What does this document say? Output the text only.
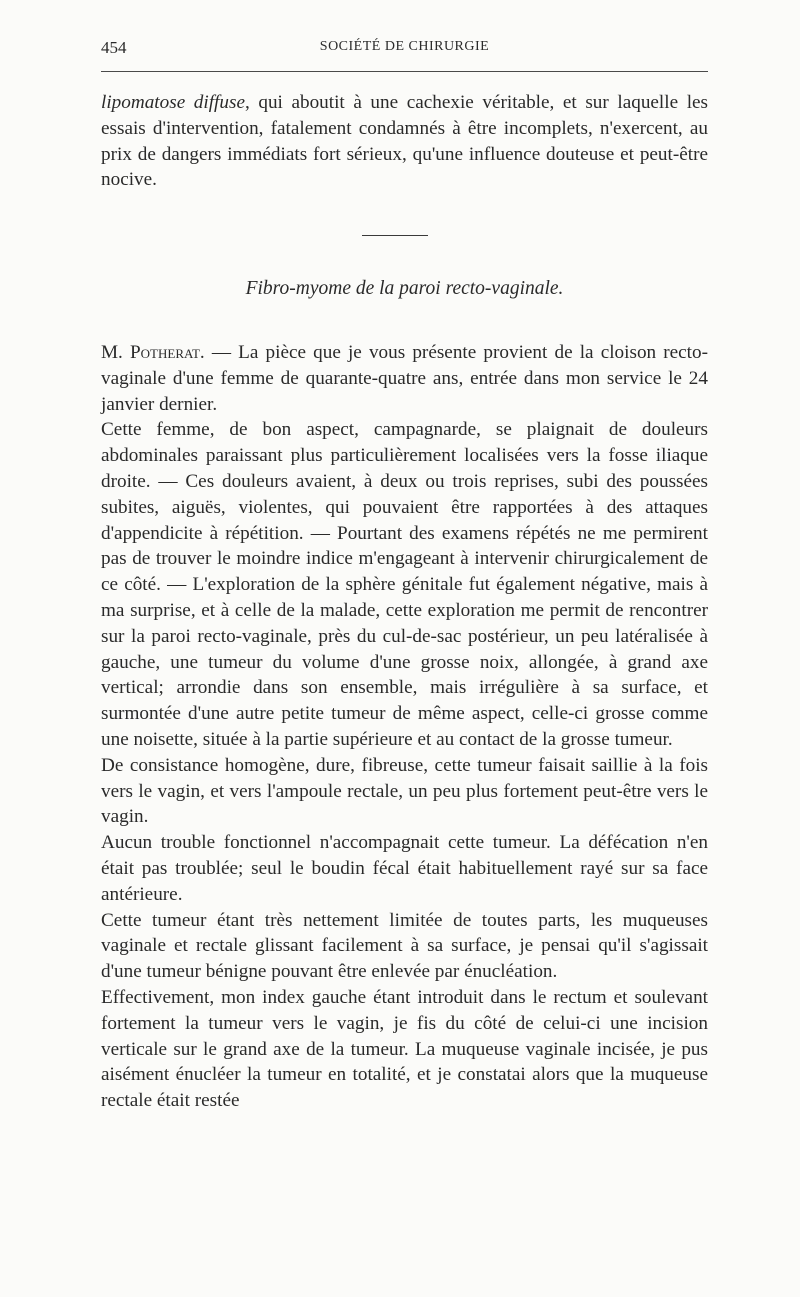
454	SOCIÉTÉ DE CHIRURGIE

lipomatose diffuse, qui aboutit à une cachexie véritable, et sur laquelle les essais d'intervention, fatalement condamnés à être incomplets, n'exercent, au prix de dangers immédiats fort sérieux, qu'une influence douteuse et peut-être nocive.

Fibro-myome de la paroi recto-vaginale.

M. Potherat. — La pièce que je vous présente provient de la cloison recto-vaginale d'une femme de quarante-quatre ans, entrée dans mon service le 24 janvier dernier.

Cette femme, de bon aspect, campagnarde, se plaignait de douleurs abdominales paraissant plus particulièrement localisées vers la fosse iliaque droite. — Ces douleurs avaient, à deux ou trois reprises, subi des poussées subites, aiguës, violentes, qui pouvaient être rapportées à des attaques d'appendicite à répétition. — Pourtant des examens répétés ne me permirent pas de trouver le moindre indice m'engageant à intervenir chirurgicalement de ce côté. — L'exploration de la sphère génitale fut également négative, mais à ma surprise, et à celle de la malade, cette exploration me permit de rencontrer sur la paroi recto-vaginale, près du cul-de-sac postérieur, un peu latéralisée à gauche, une tumeur du volume d'une grosse noix, allongée, à grand axe vertical; arrondie dans son ensemble, mais irrégulière à sa surface, et surmontée d'une autre petite tumeur de même aspect, celle-ci grosse comme une noisette, située à la partie supérieure et au contact de la grosse tumeur.

De consistance homogène, dure, fibreuse, cette tumeur faisait saillie à la fois vers le vagin, et vers l'ampoule rectale, un peu plus fortement peut-être vers le vagin.

Aucun trouble fonctionnel n'accompagnait cette tumeur. La défécation n'en était pas troublée; seul le boudin fécal était habituellement rayé sur sa face antérieure.

Cette tumeur étant très nettement limitée de toutes parts, les muqueuses vaginale et rectale glissant facilement à sa surface, je pensai qu'il s'agissait d'une tumeur bénigne pouvant être enlevée par énucléation.

Effectivement, mon index gauche étant introduit dans le rectum et soulevant fortement la tumeur vers le vagin, je fis du côté de celui-ci une incision verticale sur le grand axe de la tumeur. La muqueuse vaginale incisée, je pus aisément énucléer la tumeur en totalité, et je constatai alors que la muqueuse rectale était restée
